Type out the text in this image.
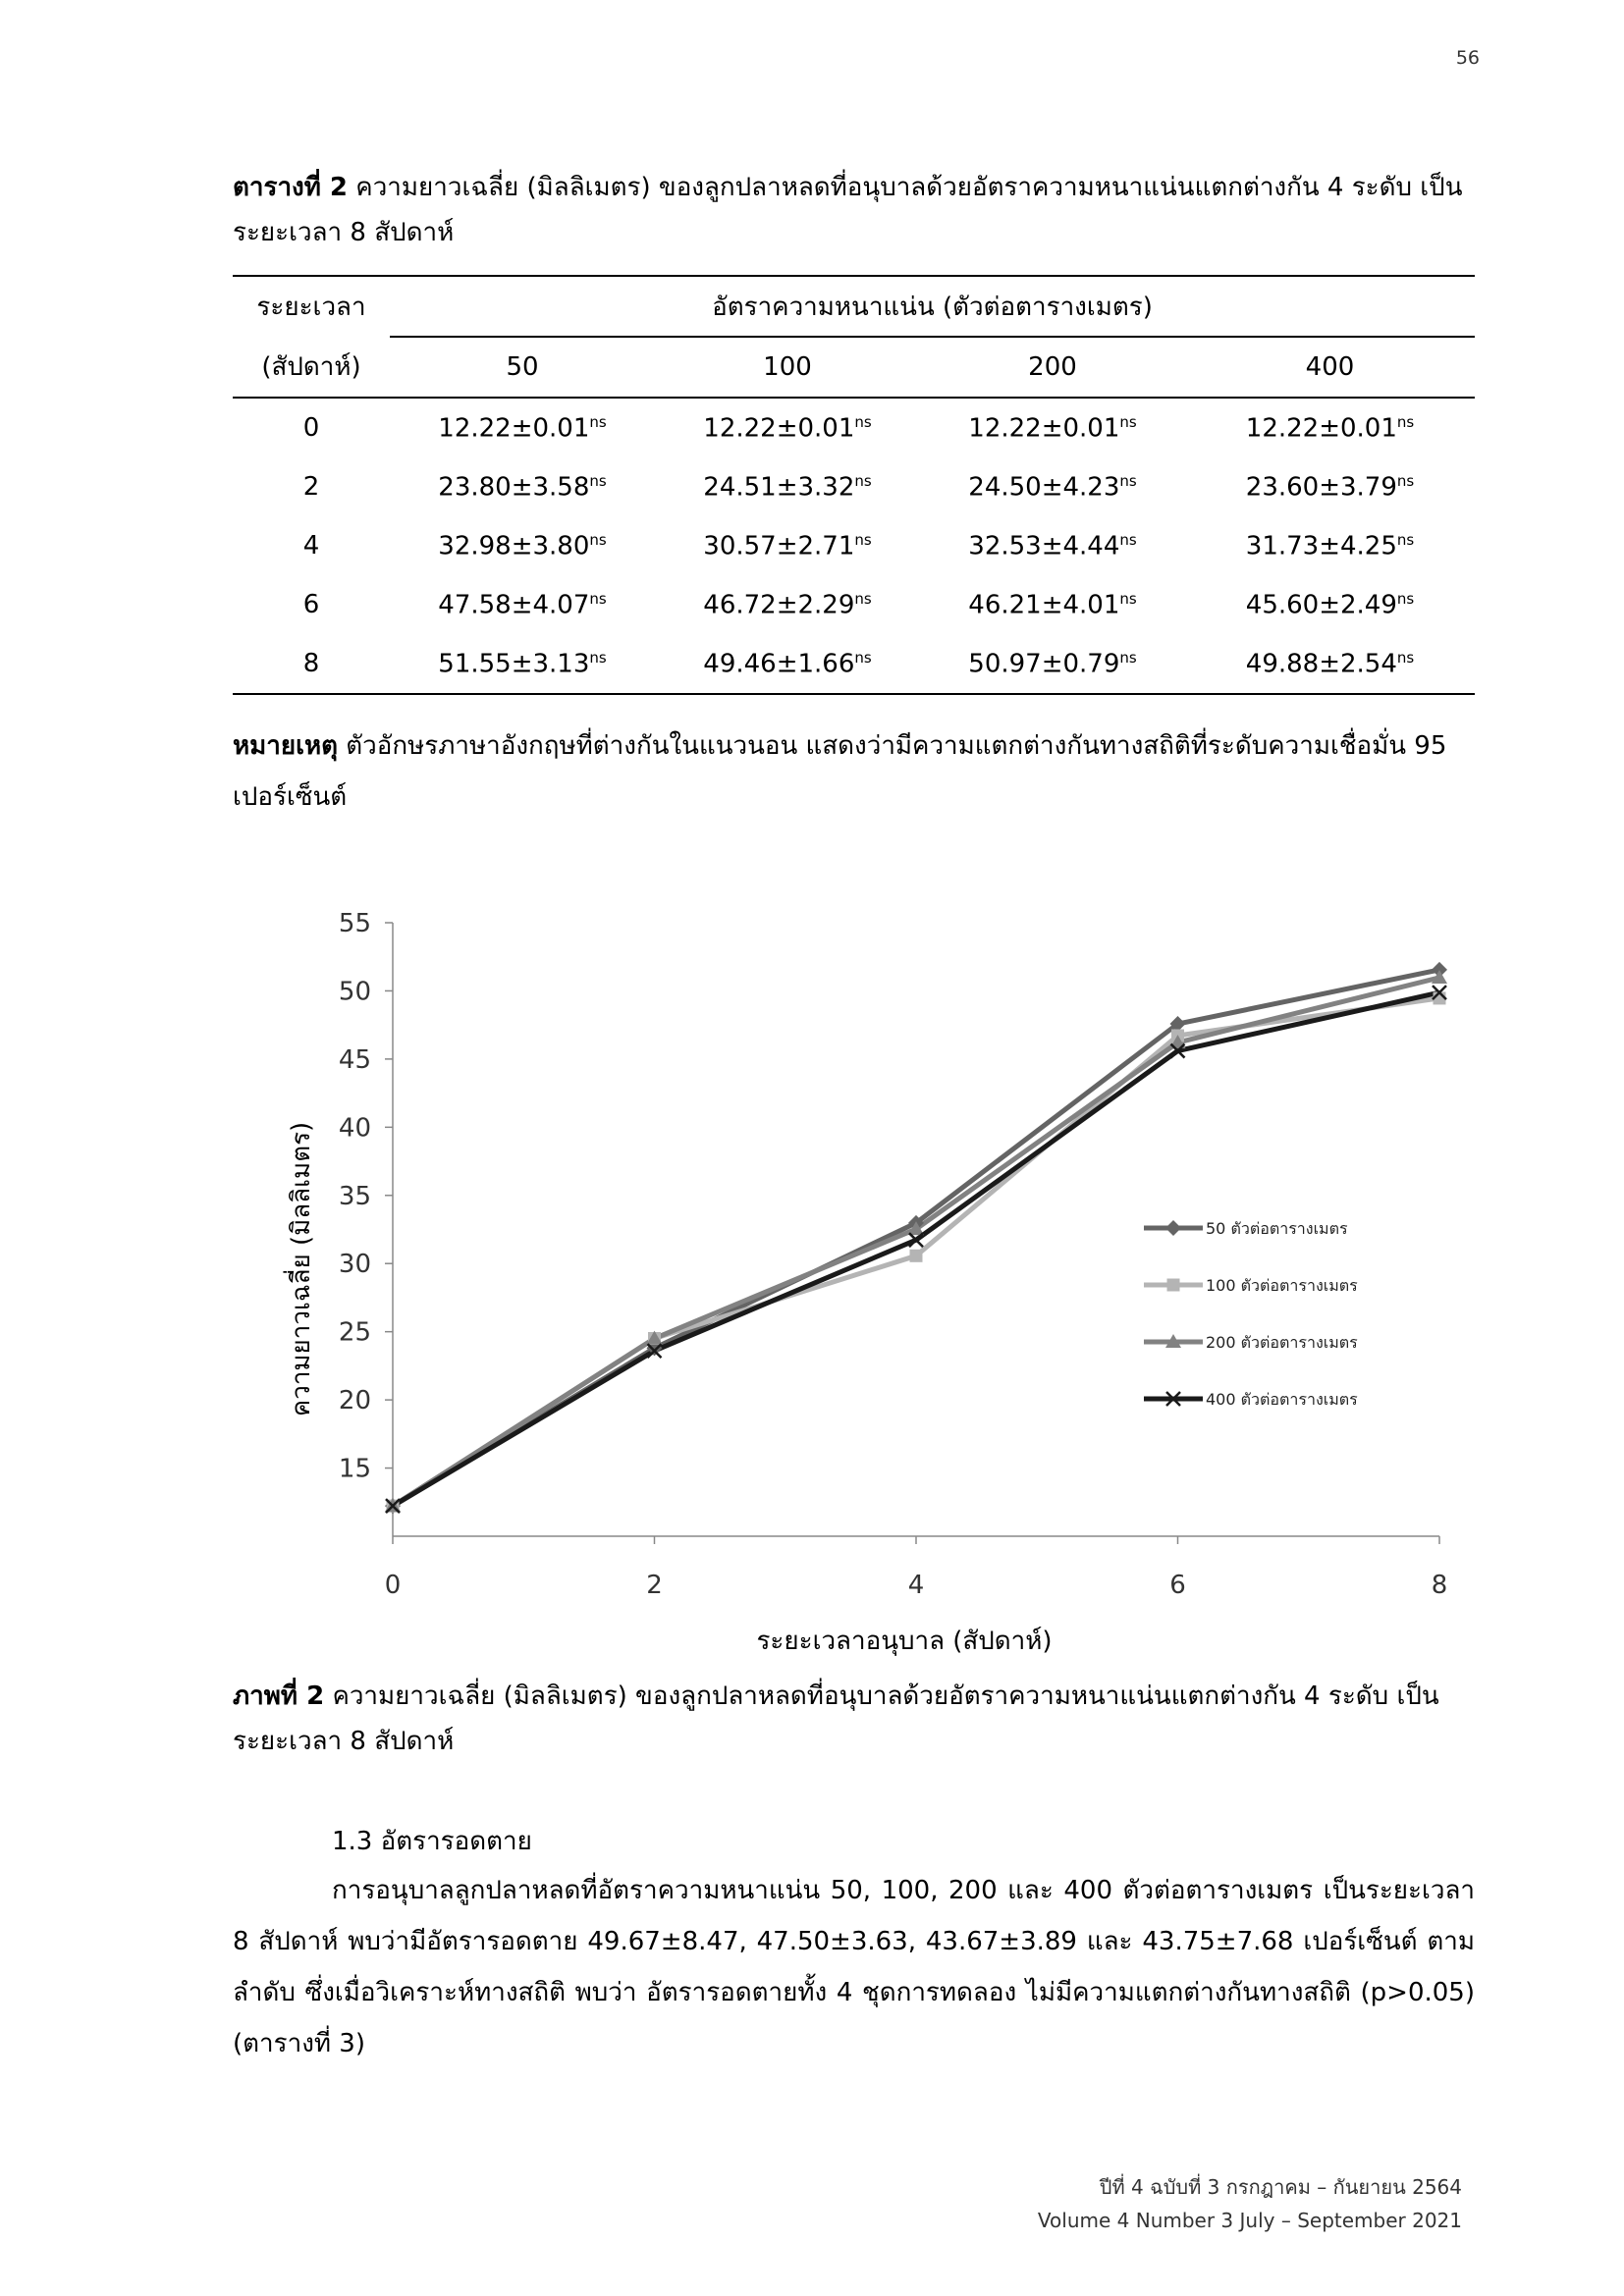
56
ตารางที่ 2 ความยาวเฉลี่ย (มิลลิเมตร) ของลูกปลาหลดที่อนุบาลด้วยอัตราความหนาแน่นแตกต่างกัน 4 ระดับ เป็นระยะเวลา 8 สัปดาห์
ระยะเวลา	อัตราความหนาแน่น (ตัวต่อตารางเมตร)			
(สัปดาห์)	50	100	200	400
0	$12.22\pm 0.01^{ns}$	$12.22\pm 0.01^{ns}$	$12.22\pm 0.01^{ns}$	$12.22\pm 0.01^{ns}$
2	$23.80\pm 3.58^{ns}$	$24.51\pm 3.32^{ns}$	$24.50\pm 4.23^{ns}$	$23.60\pm 3.79^{ns}$
4	$32.98\pm 3.80^{ns}$	$30.57\pm 2.71^{ns}$	$32.53\pm 4.44^{ns}$	$31.73\pm 4.25^{ns}$
6	$47.58\pm 4.07^{ns}$	$46.72\pm 2.29^{ns}$	$46.21\pm 4.01^{ns}$	$45.60\pm 2.49^{ns}$
8	$51.55\pm 3.13^{ns}$	$49.46\pm 1.66^{ns}$	$50.97\pm 0.79^{ns}$	$49.88\pm 2.54^{ns}$
หมายเหตุ ตัวอักษรภาษาอังกฤษที่ต่างกันในแนวนอน แสดงว่ามีความแตกต่างกันทางสถิติที่ระดับความเชื่อมั่น 95 เปอร์เซ็นต์
15
20
25
30
35
40
45
50
55
0	2	4	6	8
50 ตัวต่อตารางเมตร
100 ตัวต่อตารางเมตร
200 ตัวต่อตารางเมตร
400 ตัวต่อตารางเมตร
ระยะเวลาอนุบาล (สัปดาห์)
ความยาวเฉลี่ย (มิลลิเมตร)
ภาพที่ 2 ความยาวเฉลี่ย (มิลลิเมตร) ของลูกปลาหลดที่อนุบาลด้วยอัตราความหนาแน่นแตกต่างกัน 4 ระดับ เป็นระยะเวลา 8 สัปดาห์
1.3 อัตรารอดตาย
การอนุบาลลูกปลาหลดที่อัตราความหนาแน่น 50, 100, 200 และ 400 ตัวต่อตารางเมตร เป็นระยะเวลา 8 สัปดาห์ พบว่ามีอัตรารอดตาย 49.67±8.47, 47.50±3.63, 43.67±3.89 และ 43.75±7.68 เปอร์เซ็นต์ ตามลำดับ ซึ่งเมื่อวิเคราะห์ทางสถิติ พบว่า อัตรารอดตายทั้ง 4 ชุดการทดลอง ไม่มีความแตกต่างกันทางสถิติ (p>0.05) (ตารางที่ 3)
ปีที่ 4 ฉบับที่ 3 กรกฎาคม – กันยายน 2564
Volume 4 Number 3 July – September 2021
